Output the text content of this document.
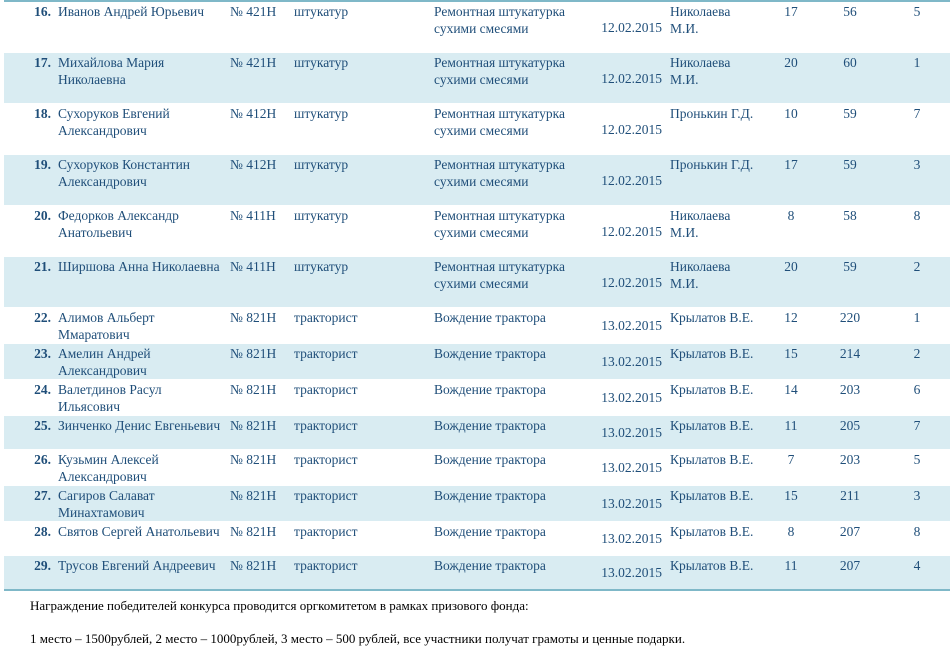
16.	Иванов Андрей Юрьевич	№ 421Н	штукатур	Ремонтная штукатурка сухими смесями	12.02.2015	Николаева М.И.	17	56	5
17.	Михайлова Мария Николаевна	№ 421Н	штукатур	Ремонтная штукатурка сухими смесями	12.02.2015	Николаева М.И.	20	60	1
18.	Сухоруков Евгений Александрович	№ 412Н	штукатур	Ремонтная штукатурка сухими смесями	12.02.2015	Пронькин Г.Д.	10	59	7
19.	Сухоруков Константин Александрович	№ 412Н	штукатур	Ремонтная штукатурка сухими смесями	12.02.2015	Пронькин Г.Д.	17	59	3
20.	Федорков Александр Анатольевич	№ 411Н	штукатур	Ремонтная штукатурка сухими смесями	12.02.2015	Николаева М.И.	8	58	8
21.	Ширшова Анна Николаевна	№ 411Н	штукатур	Ремонтная штукатурка сухими смесями	12.02.2015	Николаева М.И.	20	59	2
22.	Алимов Альберт Ммаратович	№ 821Н	тракторист	Вождение трактора	13.02.2015	Крылатов В.Е.	12	220	1
23.	Амелин Андрей Александрович	№ 821Н	тракторист	Вождение трактора	13.02.2015	Крылатов В.Е.	15	214	2
24.	Валетдинов Расул Ильясович	№ 821Н	тракторист	Вождение трактора	13.02.2015	Крылатов В.Е.	14	203	6
25.	Зинченко Денис Евгеньевич	№ 821Н	тракторист	Вождение трактора	13.02.2015	Крылатов В.Е.	11	205	7
26.	Кузьмин Алексей Александрович	№ 821Н	тракторист	Вождение трактора	13.02.2015	Крылатов В.Е.	7	203	5
27.	Сагиров Салават Минахтамович	№ 821Н	тракторист	Вождение трактора	13.02.2015	Крылатов В.Е.	15	211	3
28.	Святов Сергей Анатольевич	№ 821Н	тракторист	Вождение трактора	13.02.2015	Крылатов В.Е.	8	207	8
29.	Трусов Евгений Андреевич	№ 821Н	тракторист	Вождение трактора	13.02.2015	Крылатов В.Е.	11	207	4
Награждение победителей конкурса проводится оргкомитетом в рамках призового фонда:
1 место – 1500рублей, 2 место – 1000рублей, 3 место – 500 рублей, все участники получат грамоты и ценные подарки.
